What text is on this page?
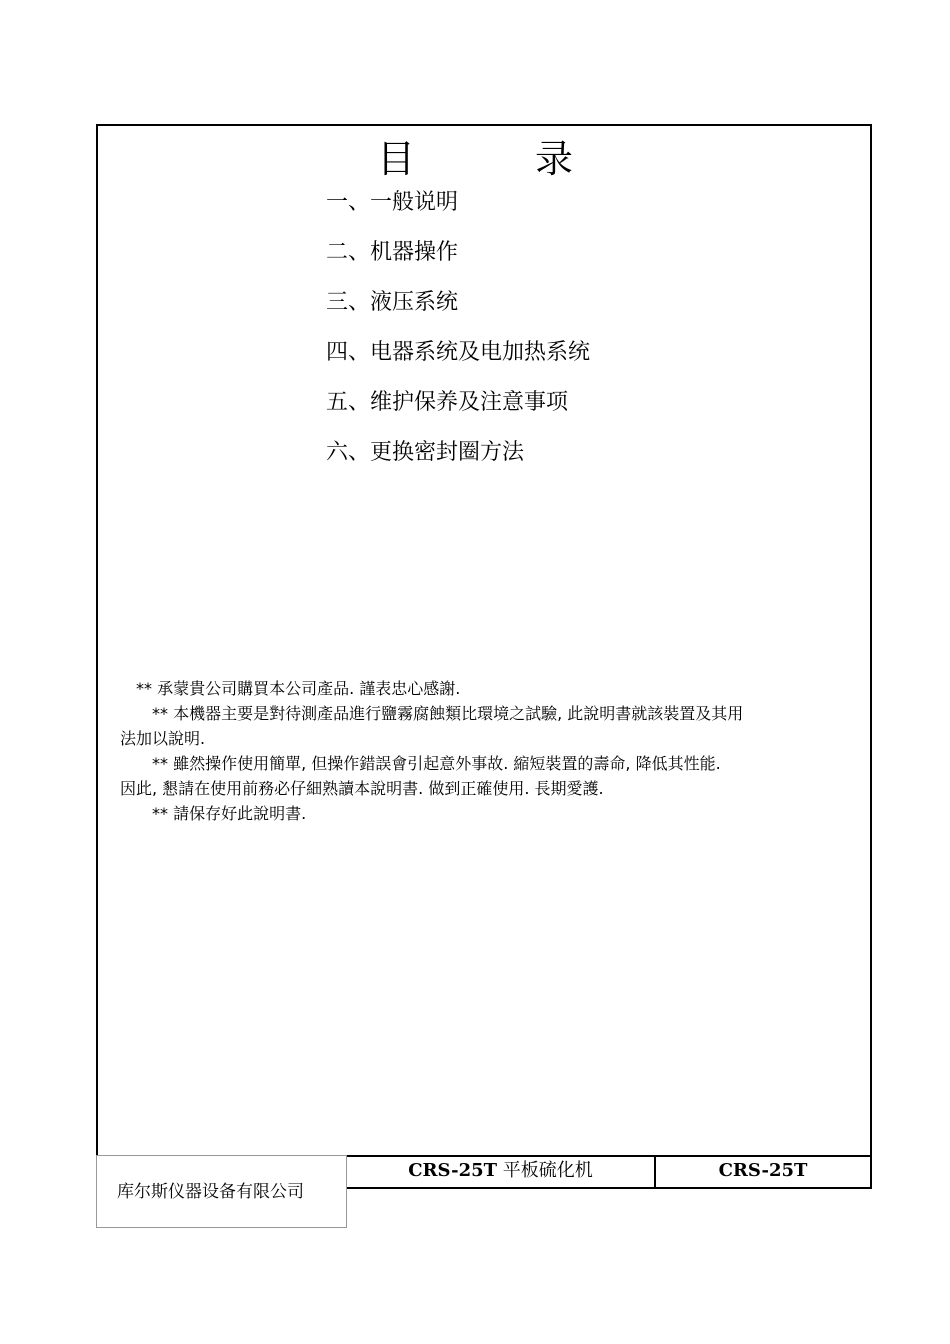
目	录
一、一般说明
二、机器操作
三、液压系统
四、电器系统及电加热系统
五、维护保养及注意事项
六、更换密封圈方法

　** 承蒙貴公司購買本公司產品. 謹表忠心感謝.

　　** 本機器主要是對待測產品進行鹽霧腐蝕類比環境之試驗, 此說明書就該裝置及其用

法加以說明.

　　** 雖然操作使用簡單, 但操作錯誤會引起意外事故. 縮短裝置的壽命, 降低其性能.

因此, 懇請在使用前務必仔細熟讀本說明書. 做到正確使用. 長期愛護.

　　** 請保存好此說明書.

库尔斯仪器设备有限公司
CRS-25T 平板硫化机	CRS-25T
